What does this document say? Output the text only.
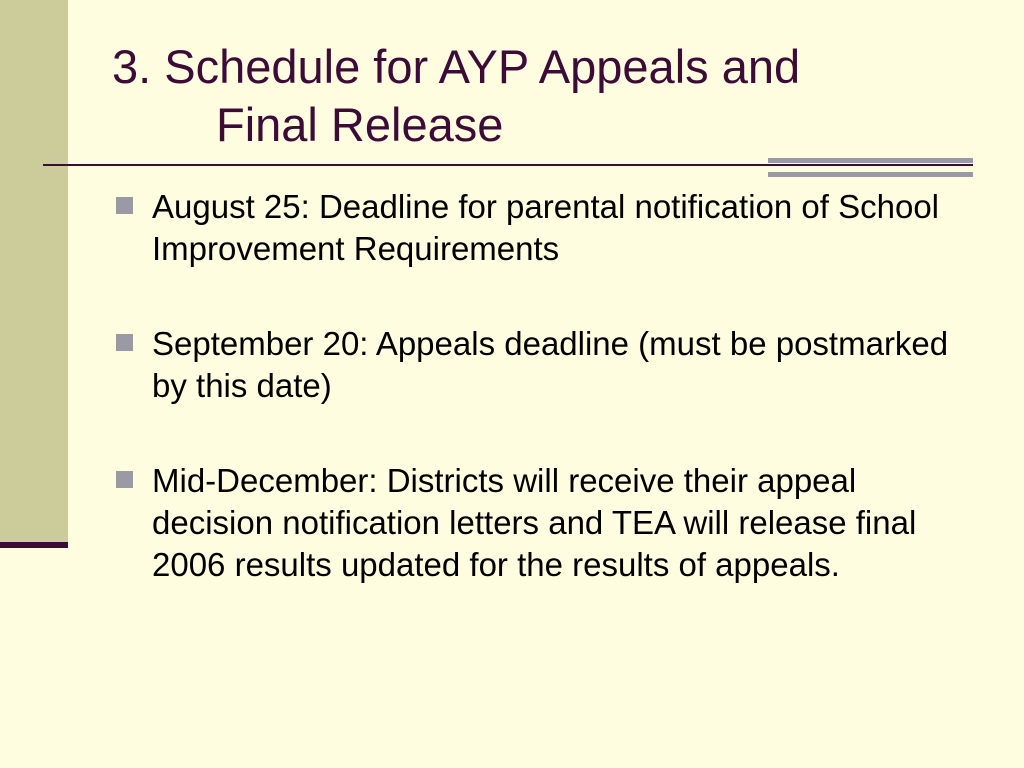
3. Schedule for AYP Appeals and
Final Release
August 25: Deadline for parental notification of School Improvement Requirements
September 20: Appeals deadline (must be postmarked by this date)
Mid-December: Districts will receive their appeal decision notification letters and TEA will release final 2006 results updated for the results of appeals.
